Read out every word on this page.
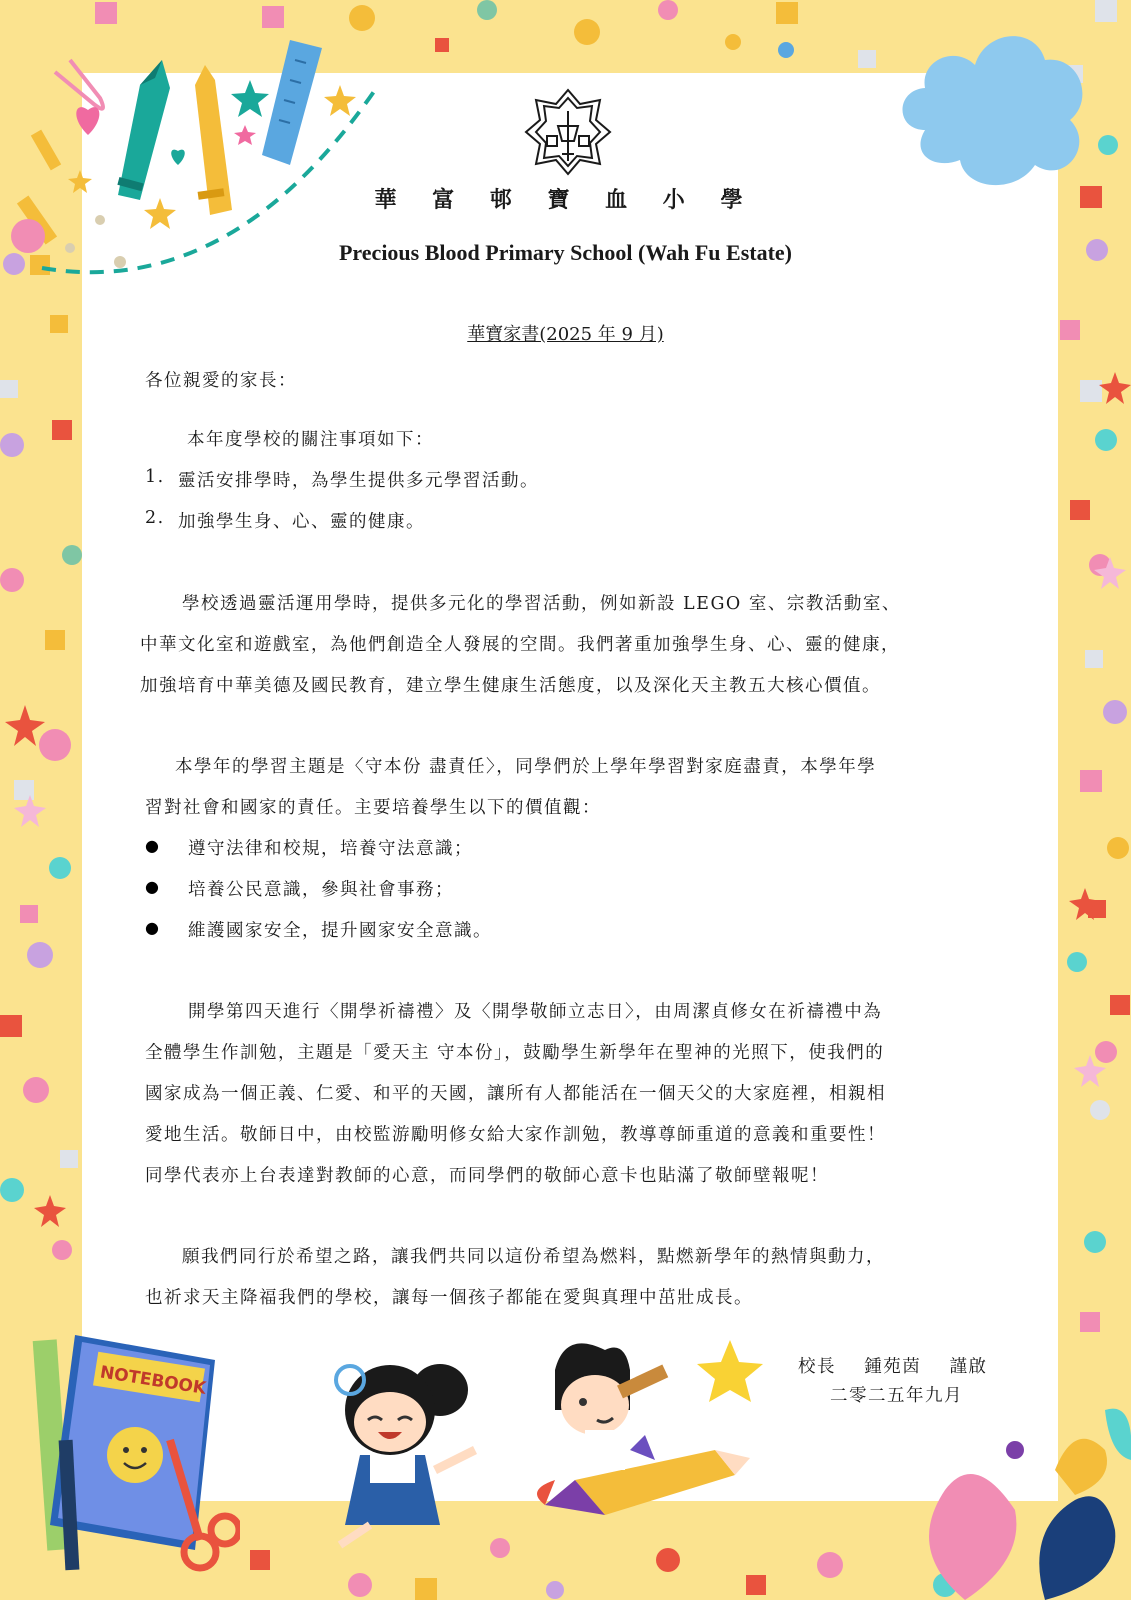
NOTEBOOK
華 富 邨 寶 血 小 學
Precious Blood Primary School (Wah Fu Estate)
華寶家書(2025 年 9 月)
各位親愛的家長：
本年度學校的關注事項如下：
1. 靈活安排學時，為學生提供多元學習活動。
2. 加強學生身、心、靈的健康。
學校透過靈活運用學時，提供多元化的學習活動，例如新設 LEGO 室、宗教活動室、
中華文化室和遊戲室，為他們創造全人發展的空間。我們著重加強學生身、心、靈的健康，
加強培育中華美德及國民教育，建立學生健康生活態度，以及深化天主教五大核心價值。
本學年的學習主題是〈守本份 盡責任〉，同學們於上學年學習對家庭盡責，本學年學
習對社會和國家的責任。主要培養學生以下的價值觀：
● 遵守法律和校規，培養守法意識；
● 培養公民意識，參與社會事務；
● 維護國家安全，提升國家安全意識。
開學第四天進行〈開學祈禱禮〉及〈開學敬師立志日〉，由周潔貞修女在祈禱禮中為
全體學生作訓勉，主題是「愛天主 守本份」，鼓勵學生新學年在聖神的光照下，使我們的
國家成為一個正義、仁愛、和平的天國，讓所有人都能活在一個天父的大家庭裡，相親相
愛地生活。敬師日中，由校監游勵明修女給大家作訓勉，教導尊師重道的意義和重要性！
同學代表亦上台表達對教師的心意，而同學們的敬師心意卡也貼滿了敬師壁報呢！
願我們同行於希望之路，讓我們共同以這份希望為燃料，點燃新學年的熱情與動力，
也祈求天主降福我們的學校，讓每一個孩子都能在愛與真理中茁壯成長。
校長    鍾苑茵    謹啟
二零二五年九月
